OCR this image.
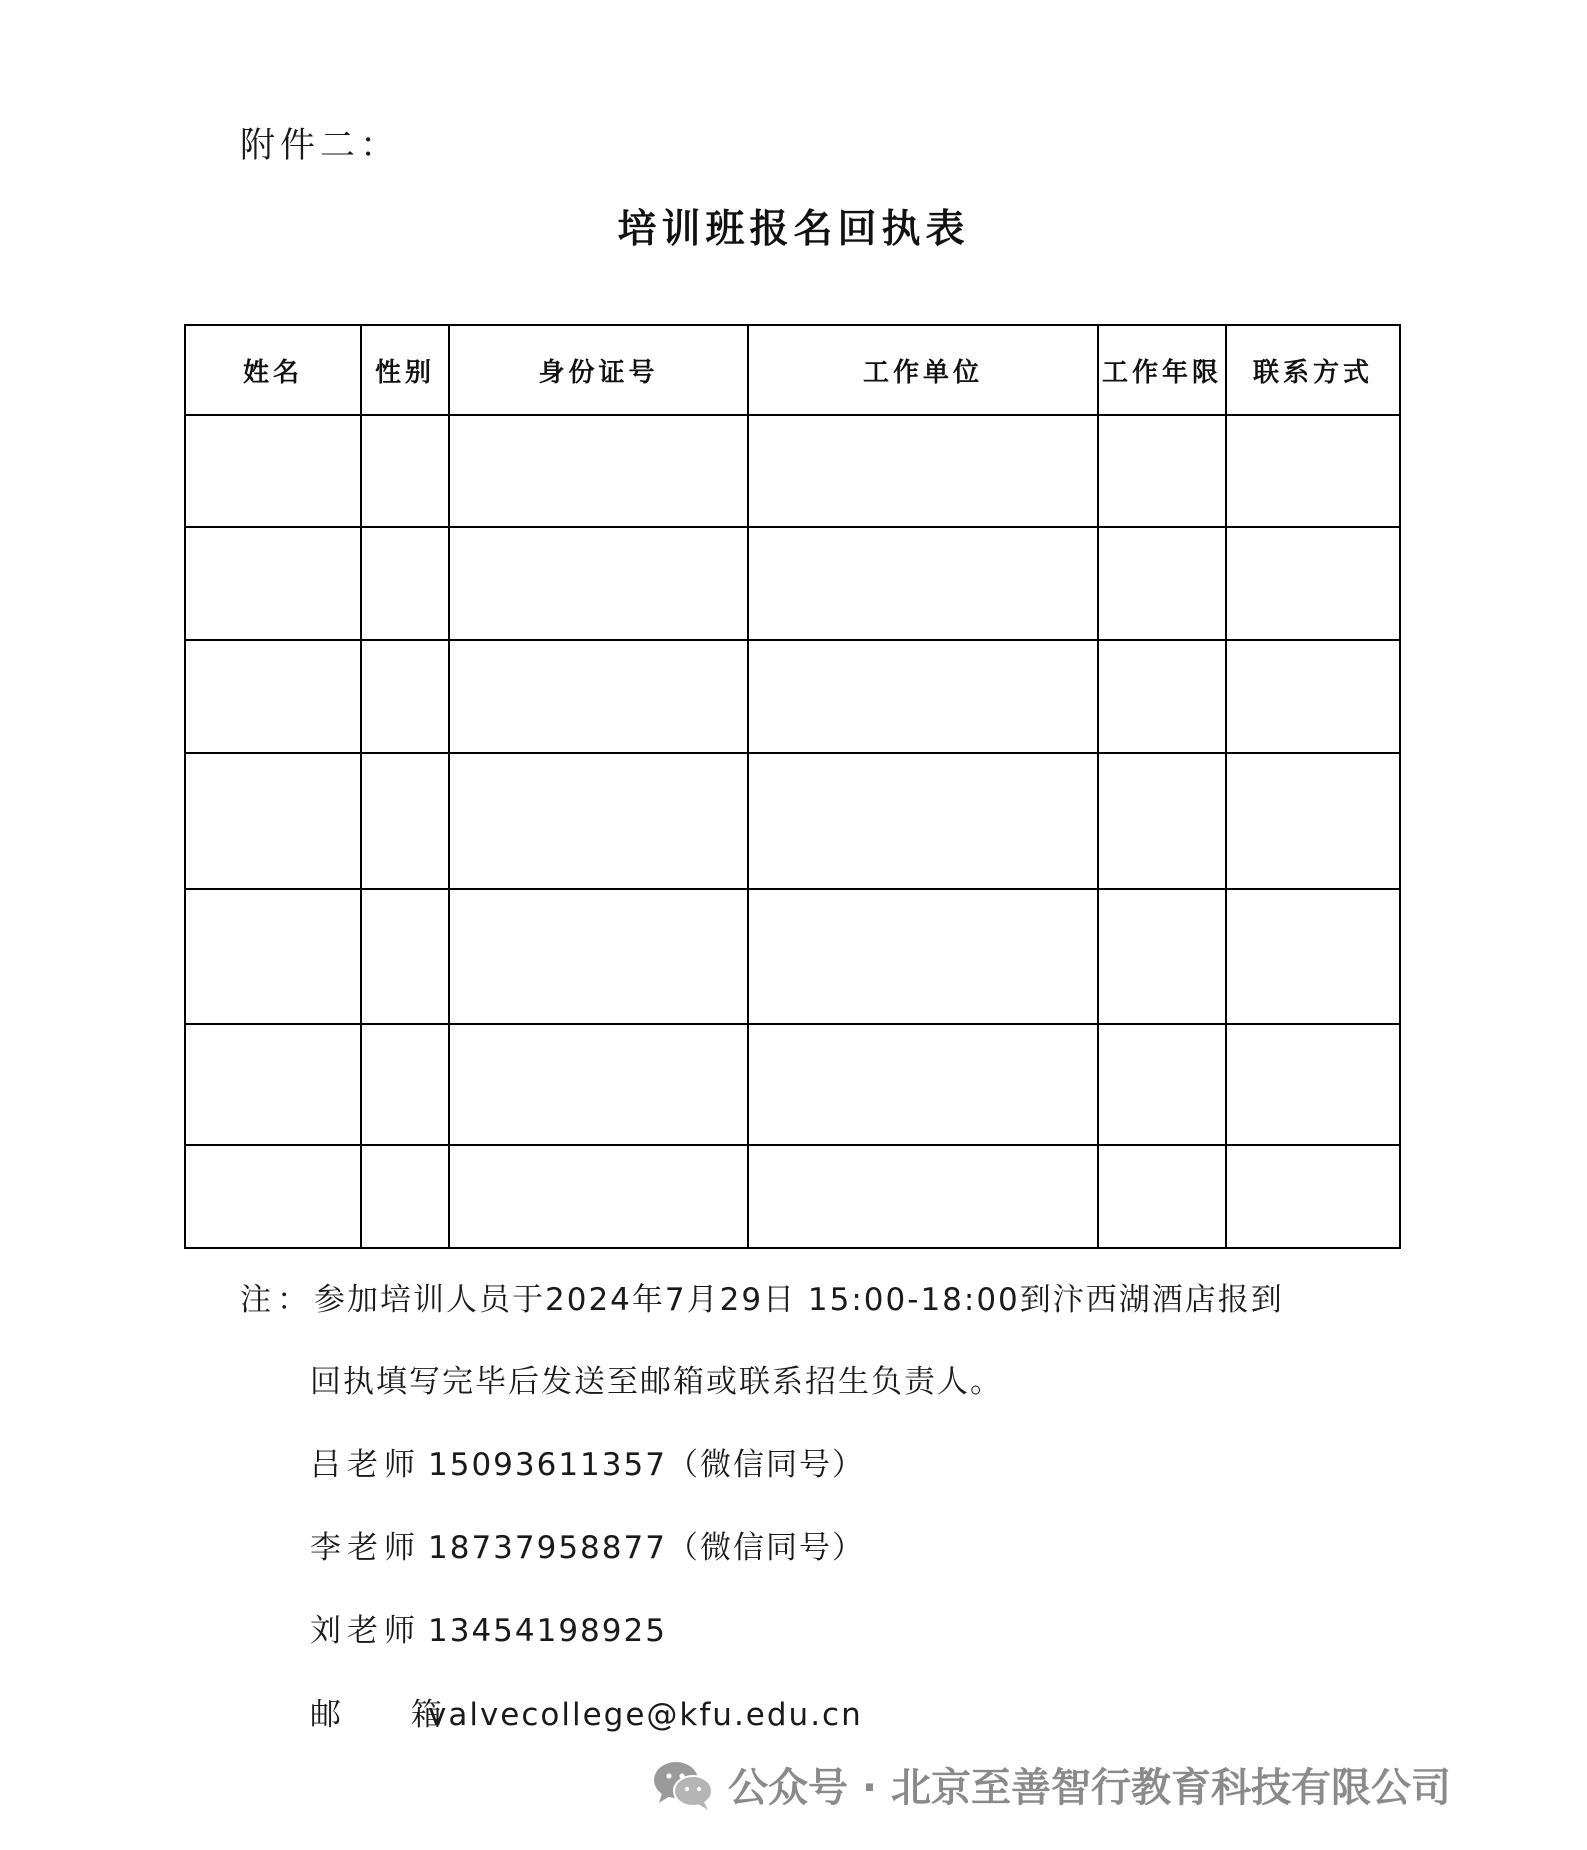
附件二：
培训班报名回执表
姓名	性别	身份证号	工作单位	工作年限	联系方式

注：参加培训人员于2024年7月29日 15:00-18:00到汴西湖酒店报到
回执填写完毕后发送至邮箱或联系招生负责人。
吕老师 15093611357（微信同号）
李老师 18737958877（微信同号）
刘老师 13454198925
邮 箱valvecollege@kfu.edu.cn
公众号 · 北京至善智行教育科技有限公司
